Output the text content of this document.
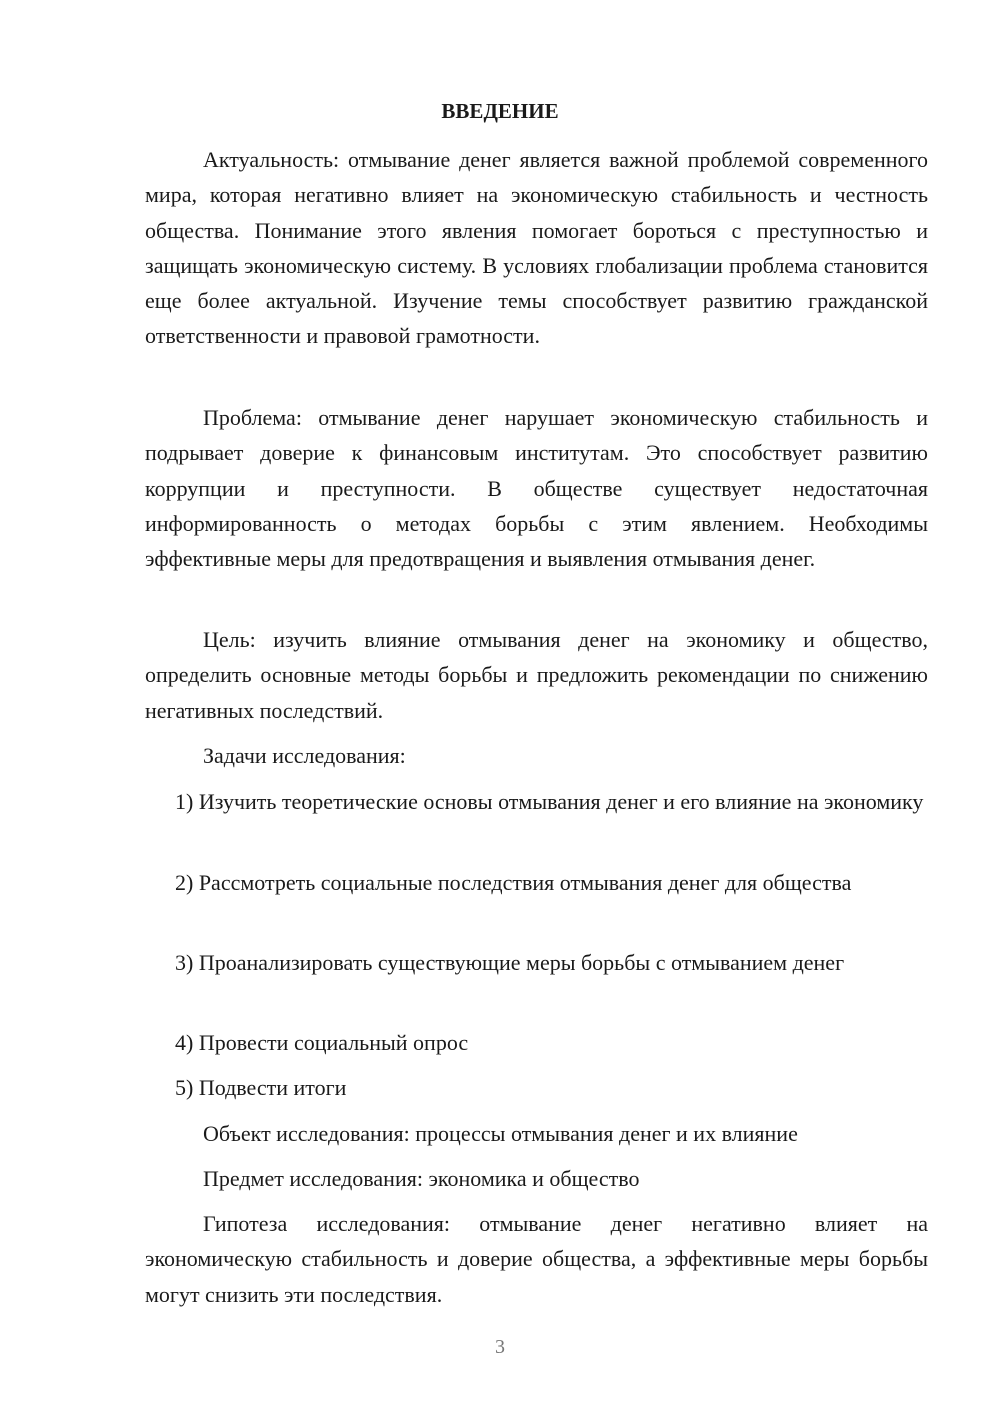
ВВЕДЕНИЕ

Актуальность: отмывание денег является важной проблемой современного мира, которая негативно влияет на экономическую стабильность и честность общества. Понимание этого явления помогает бороться с преступностью и защищать экономическую систему. В условиях глобализации проблема становится еще более актуальной. Изучение темы способствует развитию гражданской ответственности и правовой грамотности.

Проблема: отмывание денег нарушает экономическую стабильность и подрывает доверие к финансовым институтам. Это способствует развитию коррупции и преступности. В обществе существует недостаточная информированность о методах борьбы с этим явлением. Необходимы эффективные меры для предотвращения и выявления отмывания денег.

Цель: изучить влияние отмывания денег на экономику и общество, определить основные методы борьбы и предложить рекомендации по снижению негативных последствий.

Задачи исследования:

1) Изучить теоретические основы отмывания денег и его влияние на экономику

2) Рассмотреть социальные последствия отмывания денег для общества

3) Проанализировать существующие меры борьбы с отмыванием денег

4) Провести социальный опрос

5) Подвести итоги

Объект исследования: процессы отмывания денег и их влияние

Предмет исследования: экономика и общество

Гипотеза исследования: отмывание денег негативно влияет на экономическую стабильность и доверие общества, а эффективные меры борьбы могут снизить эти последствия.

3
